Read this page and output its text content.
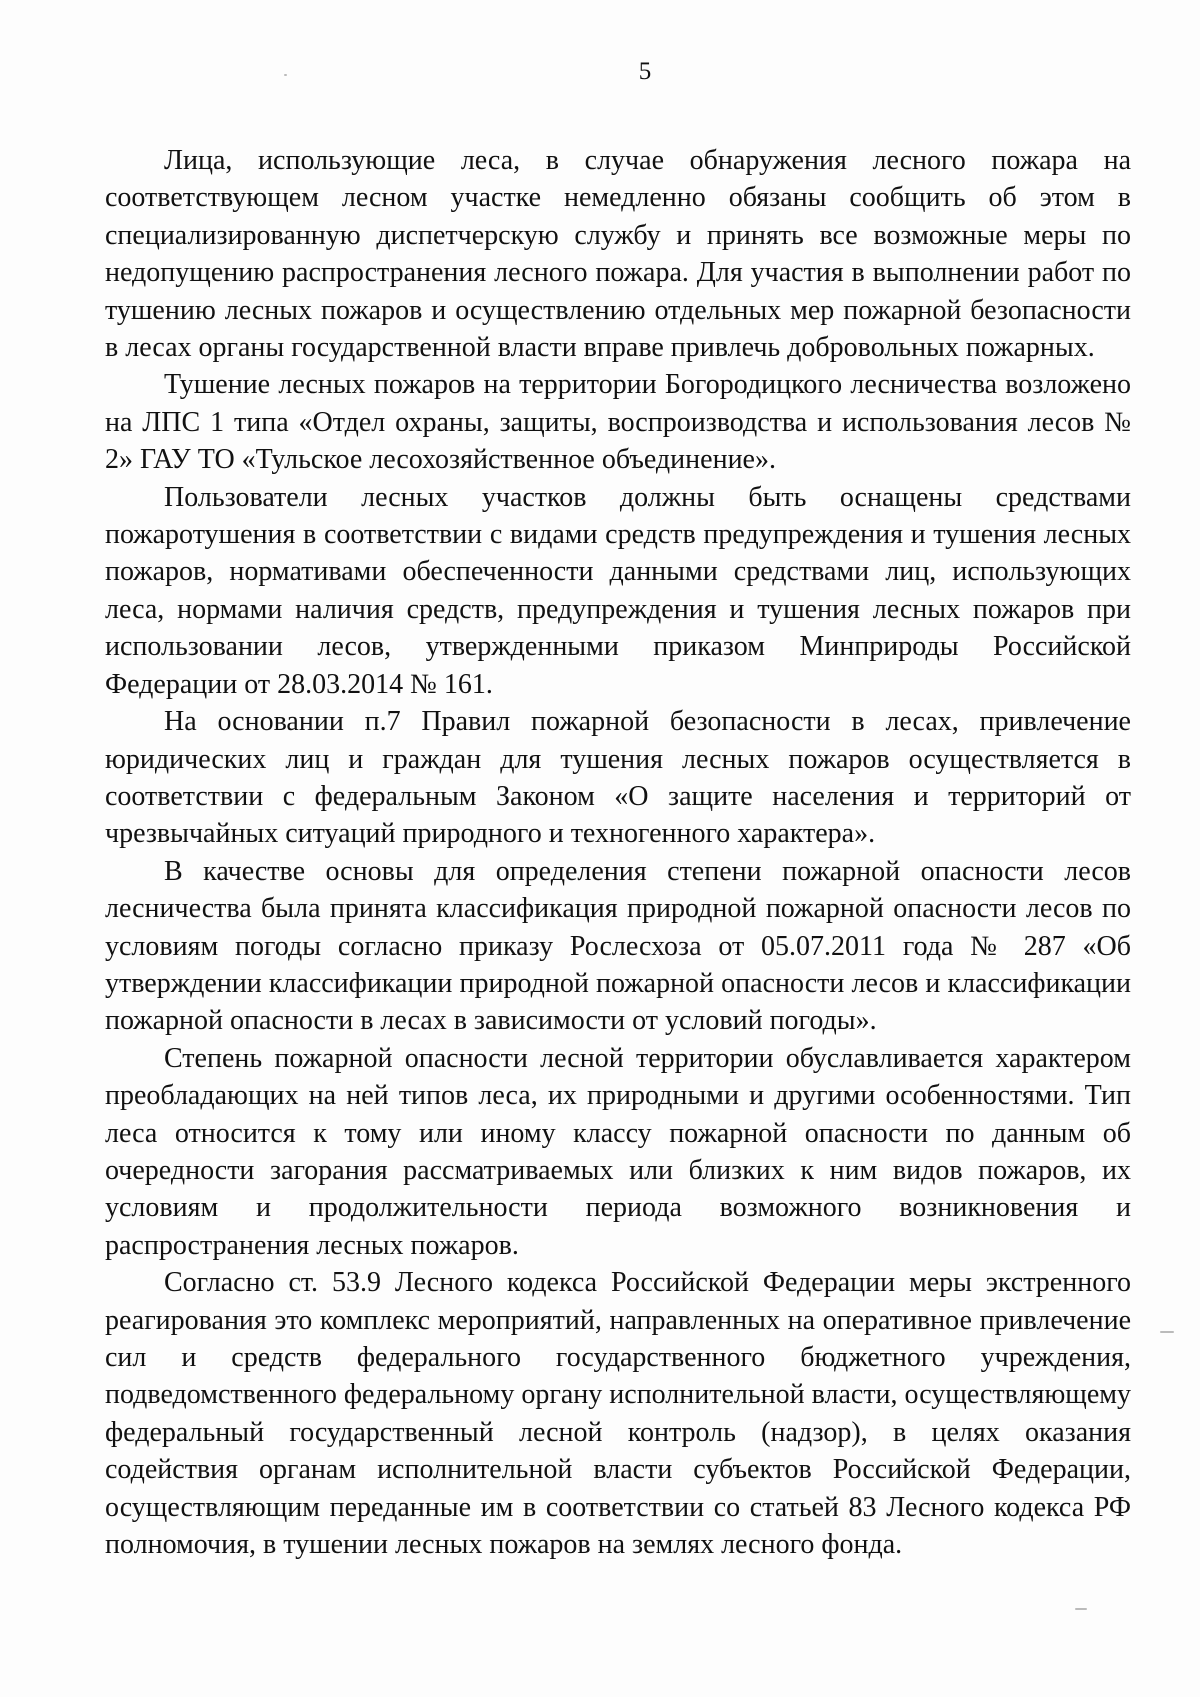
5

Лица, использующие леса, в случае обнаружения лесного пожара на соответствующем лесном участке немедленно обязаны сообщить об этом в специализированную диспетчерскую службу и принять все возможные меры по недопущению распространения лесного пожара. Для участия в выполнении работ по тушению лесных пожаров и осуществлению отдельных мер пожарной безопасности в лесах органы государственной власти вправе привлечь добровольных пожарных.

Тушение лесных пожаров на территории Богородицкого лесничества возложено на ЛПС 1 типа «Отдел охраны, защиты, воспроизводства и использования лесов № 2» ГАУ ТО «Тульское лесохозяйственное объединение».

Пользователи лесных участков должны быть оснащены средствами пожаротушения в соответствии с видами средств предупреждения и тушения лесных пожаров, нормативами обеспеченности данными средствами лиц, использующих леса, нормами наличия средств, предупреждения и тушения лесных пожаров при использовании лесов, утвержденными приказом Минприроды Российской Федерации от 28.03.2014 № 161.

На основании п.7 Правил пожарной безопасности в лесах, привлечение юридических лиц и граждан для тушения лесных пожаров осуществляется в соответствии с федеральным Законом «О защите населения и территорий от чрезвычайных ситуаций природного и техногенного характера».

В качестве основы для определения степени пожарной опасности лесов лесничества была принята классификация природной пожарной опасности лесов по условиям погоды согласно приказу Рослесхоза от 05.07.2011 года № 287 «Об утверждении классификации природной пожарной опасности лесов и классификации пожарной опасности в лесах в зависимости от условий погоды».

Степень пожарной опасности лесной территории обуславливается характером преобладающих на ней типов леса, их природными и другими особенностями. Тип леса относится к тому или иному классу пожарной опасности по данным об очередности загорания рассматриваемых или близких к ним видов пожаров, их условиям и продолжительности периода возможного возникновения и распространения лесных пожаров.

Согласно ст. 53.9 Лесного кодекса Российской Федерации меры экстренного реагирования это комплекс мероприятий, направленных на оперативное привлечение сил и средств федерального государственного бюджетного учреждения, подведомственного федеральному органу исполнительной власти, осуществляющему федеральный государственный лесной контроль (надзор), в целях оказания содействия органам исполнительной власти субъектов Российской Федерации, осуществляющим переданные им в соответствии со статьей 83 Лесного кодекса РФ полномочия, в тушении лесных пожаров на землях лесного фонда.
